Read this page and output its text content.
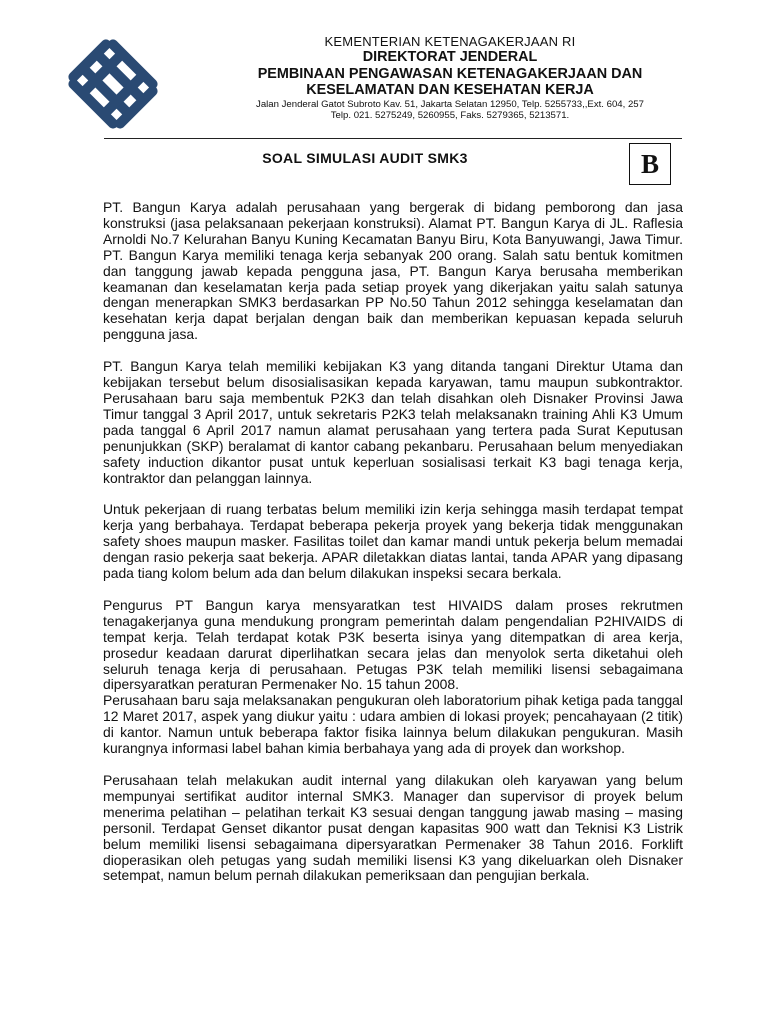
KEMENTERIAN KETENAGAKERJAAN RI
DIREKTORAT JENDERAL
PEMBINAAN PENGAWASAN KETENAGAKERJAAN DAN
KESELAMATAN DAN KESEHATAN KERJA
Jalan Jenderal Gatot Subroto Kav. 51, Jakarta Selatan 12950, Telp. 5255733,,Ext. 604, 257
Telp. 021. 5275249, 5260955, Faks. 5279365, 5213571.
SOAL SIMULASI AUDIT SMK3	B

PT. Bangun Karya adalah perusahaan yang bergerak di bidang pemborong dan jasa konstruksi (jasa pelaksanaan pekerjaan konstruksi). Alamat PT. Bangun Karya di JL. Raflesia Arnoldi No.7 Kelurahan Banyu Kuning Kecamatan Banyu Biru, Kota Banyuwangi, Jawa Timur. PT. Bangun Karya memiliki tenaga kerja sebanyak 200 orang. Salah satu bentuk komitmen dan tanggung jawab kepada pengguna jasa, PT. Bangun Karya berusaha memberikan keamanan dan keselamatan kerja pada setiap proyek yang dikerjakan yaitu salah satunya dengan menerapkan SMK3 berdasarkan PP No.50 Tahun 2012 sehingga keselamatan dan kesehatan kerja dapat berjalan dengan baik dan memberikan kepuasan kepada seluruh pengguna jasa.

PT. Bangun Karya telah memiliki kebijakan K3 yang ditanda tangani Direktur Utama dan kebijakan tersebut belum disosialisasikan kepada karyawan, tamu maupun subkontraktor. Perusahaan baru saja membentuk P2K3 dan telah disahkan oleh Disnaker Provinsi Jawa Timur tanggal 3 April 2017, untuk sekretaris P2K3 telah melaksanakn training Ahli K3 Umum pada tanggal 6 April 2017 namun alamat perusahaan yang tertera pada Surat Keputusan penunjukkan (SKP) beralamat di kantor cabang pekanbaru. Perusahaan belum menyediakan safety induction dikantor pusat untuk keperluan sosialisasi terkait K3 bagi tenaga kerja, kontraktor dan pelanggan lainnya.

Untuk pekerjaan di ruang terbatas belum memiliki izin kerja sehingga masih terdapat tempat kerja yang berbahaya. Terdapat beberapa pekerja proyek yang bekerja tidak menggunakan safety shoes maupun masker. Fasilitas toilet dan kamar mandi untuk pekerja belum memadai dengan rasio pekerja saat bekerja. APAR diletakkan diatas lantai, tanda APAR yang dipasang pada tiang kolom belum ada dan belum dilakukan inspeksi secara berkala.

Pengurus PT Bangun karya mensyaratkan test HIVAIDS dalam proses rekrutmen tenagakerjanya guna mendukung prongram pemerintah dalam pengendalian P2HIVAIDS di tempat kerja. Telah terdapat kotak P3K beserta isinya yang ditempatkan di area kerja, prosedur keadaan darurat diperlihatkan secara jelas dan menyolok serta diketahui oleh seluruh tenaga kerja di perusahaan. Petugas P3K telah memiliki lisensi sebagaimana dipersyaratkan peraturan Permenaker No. 15 tahun 2008.

Perusahaan baru saja melaksanakan pengukuran oleh laboratorium pihak ketiga pada tanggal 12 Maret 2017, aspek yang diukur yaitu : udara ambien di lokasi proyek; pencahayaan (2 titik) di kantor. Namun untuk beberapa faktor fisika lainnya belum dilakukan pengukuran. Masih kurangnya informasi label bahan kimia berbahaya yang ada di proyek dan workshop.

Perusahaan telah melakukan audit internal yang dilakukan oleh karyawan yang belum mempunyai sertifikat auditor internal SMK3. Manager dan supervisor di proyek belum menerima pelatihan – pelatihan terkait K3 sesuai dengan tanggung jawab masing – masing personil. Terdapat Genset dikantor pusat dengan kapasitas 900 watt dan Teknisi K3 Listrik belum memiliki lisensi sebagaimana dipersyaratkan Permenaker 38 Tahun 2016. Forklift dioperasikan oleh petugas yang sudah memiliki lisensi K3 yang dikeluarkan oleh Disnaker setempat, namun belum pernah dilakukan pemeriksaan dan pengujian berkala.
